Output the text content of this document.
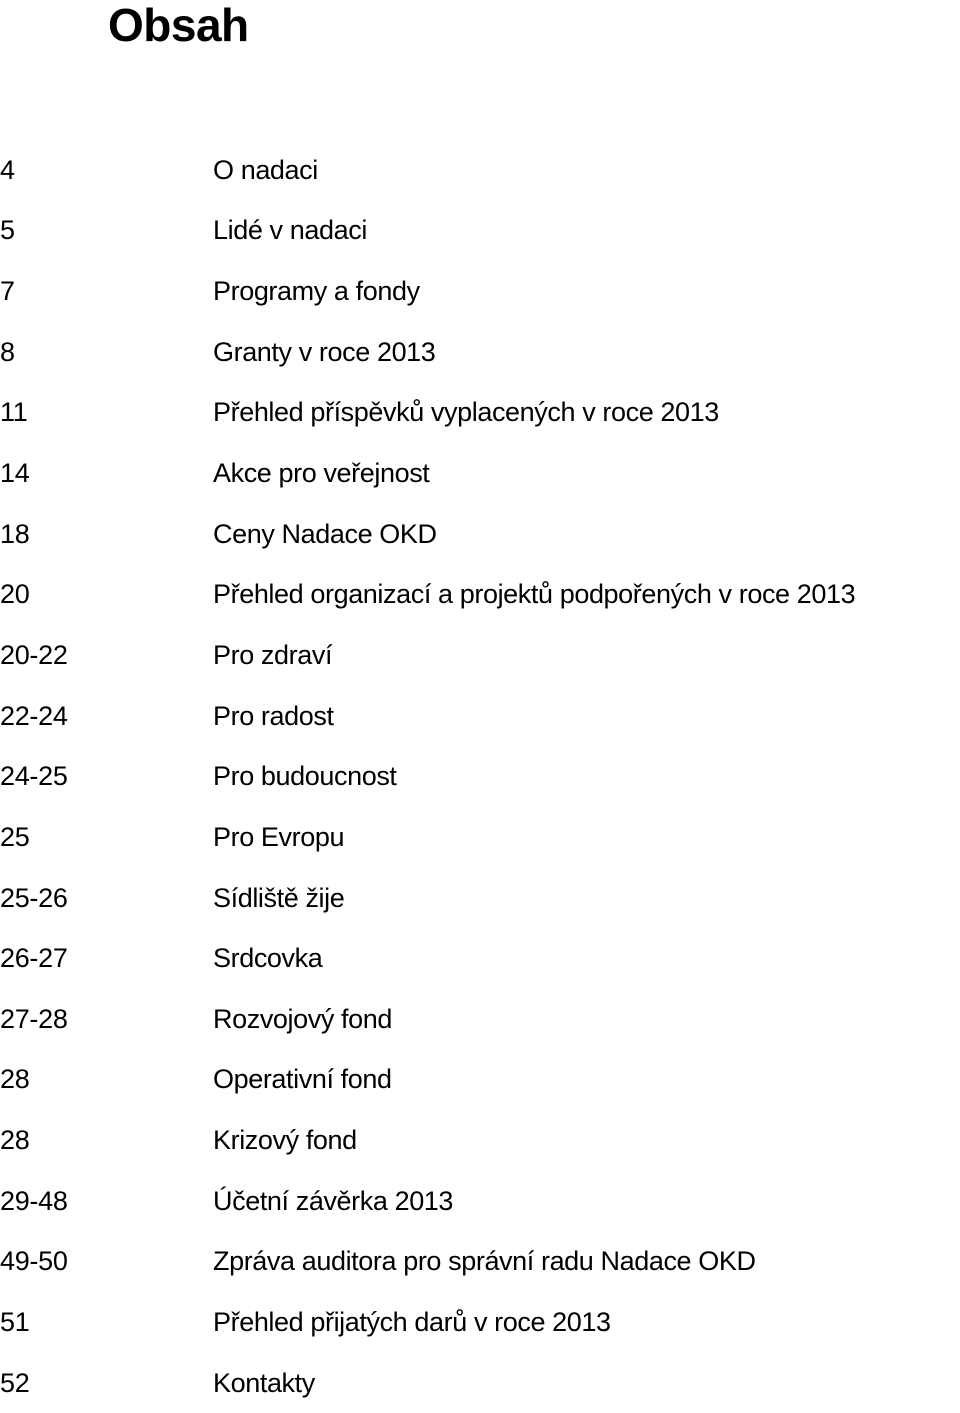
Obsah
4	O nadaci
5	Lidé v nadaci
7	Programy a fondy
8	Granty v roce 2013
11	Přehled příspěvků vyplacených v roce 2013
14	Akce pro veřejnost
18	Ceny Nadace OKD
20	Přehled organizací a projektů podpořených v roce 2013
20-22	Pro zdraví
22-24	Pro radost
24-25	Pro budoucnost
25	Pro Evropu
25-26	Sídliště žije
26-27	Srdcovka
27-28	Rozvojový fond
28	Operativní fond
28	Krizový fond
29-48	Účetní závěrka 2013
49-50	Zpráva auditora pro správní radu Nadace OKD
51	Přehled přijatých darů v roce 2013
52	Kontakty
